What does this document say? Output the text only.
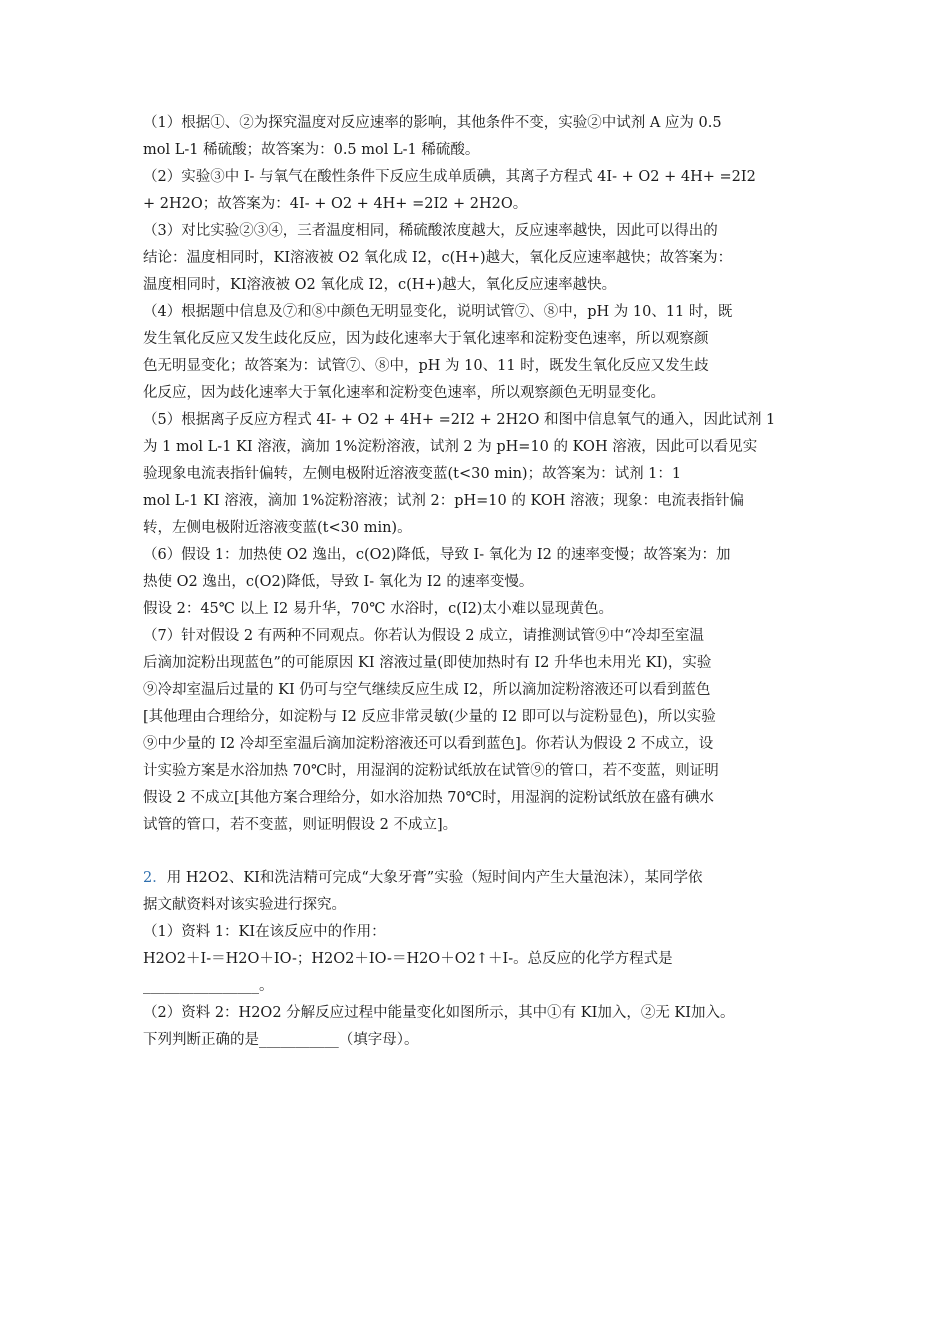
（1）根据①、②为探究温度对反应速率的影响，其他条件不变，实验②中试剂 A 应为 0.5
mol L-1 稀硫酸；故答案为：0.5 mol L-1 稀硫酸。
（2）实验③中 I- 与氧气在酸性条件下反应生成单质碘，其离子方程式 4I- + O2 + 4H+ =2I2
+ 2H2O；故答案为：4I- + O2 + 4H+ =2I2 + 2H2O。
（3）对比实验②③④，三者温度相同，稀硫酸浓度越大，反应速率越快，因此可以得出的
结论：温度相同时，KI溶液被 O2 氧化成 I2，c(H+)越大，氧化反应速率越快；故答案为：
温度相同时，KI溶液被 O2 氧化成 I2，c(H+)越大，氧化反应速率越快。
（4）根据题中信息及⑦和⑧中颜色无明显变化，说明试管⑦、⑧中，pH 为 10、11 时，既
发生氧化反应又发生歧化反应，因为歧化速率大于氧化速率和淀粉变色速率，所以观察颜
色无明显变化；故答案为：试管⑦、⑧中，pH 为 10、11 时，既发生氧化反应又发生歧
化反应，因为歧化速率大于氧化速率和淀粉变色速率，所以观察颜色无明显变化。
（5）根据离子反应方程式 4I- + O2 + 4H+ =2I2 + 2H2O 和图中信息氧气的通入，因此试剂 1
为 1 mol L-1 KI 溶液，滴加 1%淀粉溶液，试剂 2 为 pH=10 的 KOH 溶液，因此可以看见实
验现象电流表指针偏转，左侧电极附近溶液变蓝(t<30 min)；故答案为：试剂 1：1
mol L-1 KI 溶液，滴加 1%淀粉溶液；试剂 2：pH=10 的 KOH 溶液；现象：电流表指针偏
转，左侧电极附近溶液变蓝(t<30 min)。
（6）假设 1：加热使 O2 逸出，c(O2)降低，导致 I- 氧化为 I2 的速率变慢；故答案为：加
热使 O2 逸出，c(O2)降低，导致 I- 氧化为 I2 的速率变慢。
假设 2：45℃ 以上 I2 易升华，70℃ 水浴时，c(I2)太小难以显现黄色。
（7）针对假设 2 有两种不同观点。你若认为假设 2 成立，请推测试管⑨中“冷却至室温
后滴加淀粉出现蓝色”的可能原因 KI 溶液过量(即使加热时有 I2 升华也未用光 KI)，实验
⑨冷却室温后过量的 KI 仍可与空气继续反应生成 I2，所以滴加淀粉溶液还可以看到蓝色
[其他理由合理给分，如淀粉与 I2 反应非常灵敏(少量的 I2 即可以与淀粉显色)，所以实验
⑨中少量的 I2 冷却至室温后滴加淀粉溶液还可以看到蓝色]。你若认为假设 2 不成立，设
计实验方案是水浴加热 70℃时，用湿润的淀粉试纸放在试管⑨的管口，若不变蓝，则证明
假设 2 不成立[其他方案合理给分，如水浴加热 70℃时，用湿润的淀粉试纸放在盛有碘水
试管的管口，若不变蓝，则证明假设 2 不成立]。
2．用 H2O2、KI和洗洁精可完成“大象牙膏”实验（短时间内产生大量泡沫），某同学依
据文献资料对该实验进行探究。
（1）资料 1：KI在该反应中的作用：
H2O2＋I-＝H2O＋IO-；H2O2＋IO-＝H2O＋O2↑＋I-。总反应的化学方程式是
________________。
（2）资料 2：H2O2 分解反应过程中能量变化如图所示，其中①有 KI加入，②无 KI加入。
下列判断正确的是___________（填字母）。
